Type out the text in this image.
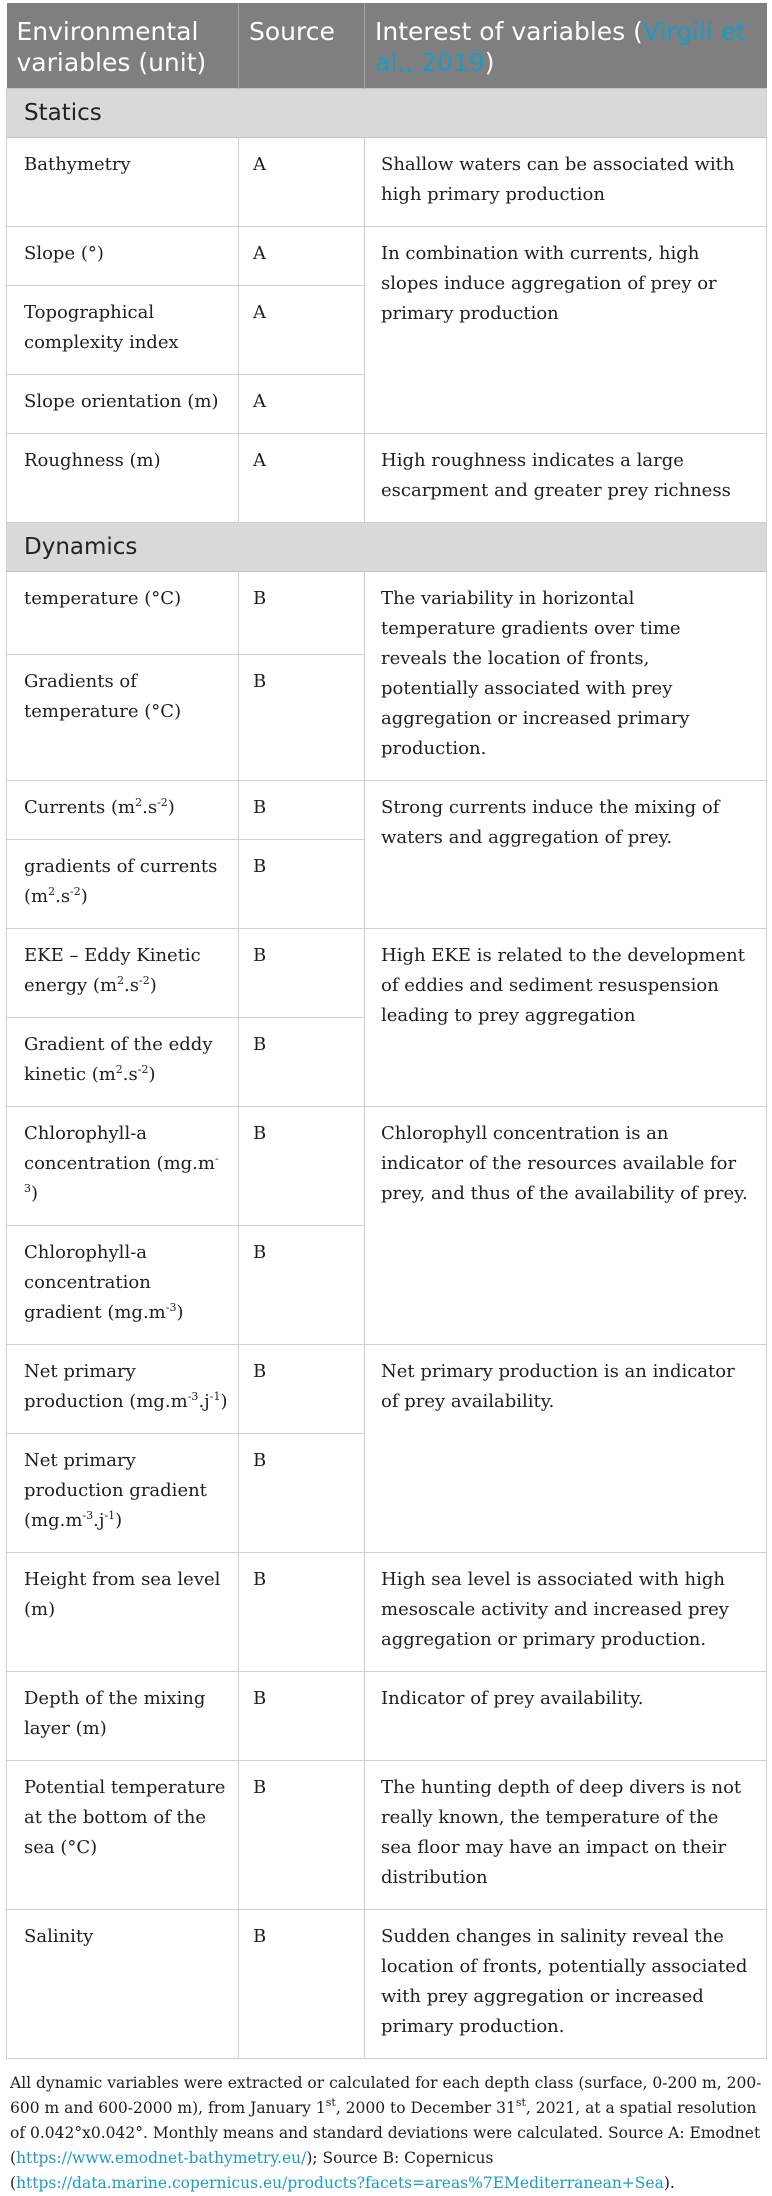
Environmental variables (unit)	Source	Interest of variables (Virgili et al., 2019)
Statics		
Bathymetry	A	Shallow waters can be associated with high primary production
Slope (°)	A	In combination with currents, high slopes induce aggregation of prey or primary production
Topographical complexity index	A	
Slope orientation (m)	A	
Roughness (m)	A	High roughness indicates a large escarpment and greater prey richness
Dynamics		
temperature (°C)	B	The variability in horizontal temperature gradients over time reveals the location of fronts, potentially associated with prey aggregation or increased primary production.
Gradients of temperature (°C)	B	
Currents $(m^2.s^{-2})$	B	Strong currents induce the mixing of waters and aggregation of prey.
gradients of currents $(m^2.s^{-2})$	B	
EKE – Eddy Kinetic energy $(m^2.s^{-2})$	B	High EKE is related to the development of eddies and sediment resuspension leading to prey aggregation
Gradient of the eddy kinetic $(m^2.s^{-2})$	B	
Chlorophyll-a concentration $(mg.m^{-3})$	B	Chlorophyll concentration is an indicator of the resources available for prey, and thus of the availability of prey.
Chlorophyll-a concentration gradient $(mg.m^{-3})$	B	
Net primary production $(mg.m^{-3}.j^{-1})$	B	Net primary production is an indicator of prey availability.
Net primary production gradient $(mg.m^{-3}.j^{-1})$	B	
Height from sea level (m)	B	High sea level is associated with high mesoscale activity and increased prey aggregation or primary production.
Depth of the mixing layer (m)	B	Indicator of prey availability.
Potential temperature at the bottom of the sea (°C)	B	The hunting depth of deep divers is not really known, the temperature of the sea floor may have an impact on their distribution
Salinity	B	Sudden changes in salinity reveal the location of fronts, potentially associated with prey aggregation or increased primary production.
All dynamic variables were extracted or calculated for each depth class (surface, 0-200 m, 200-600 m and 600-2000 m), from January 1st, 2000 to December 31st, 2021, at a spatial resolution of 0.042°x0.042°. Monthly means and standard deviations were calculated. Source A: Emodnet (https://www.emodnet-bathymetry.eu/); Source B: Copernicus (https://data.marine.copernicus.eu/products?facets=areas%7EMediterranean+Sea).
